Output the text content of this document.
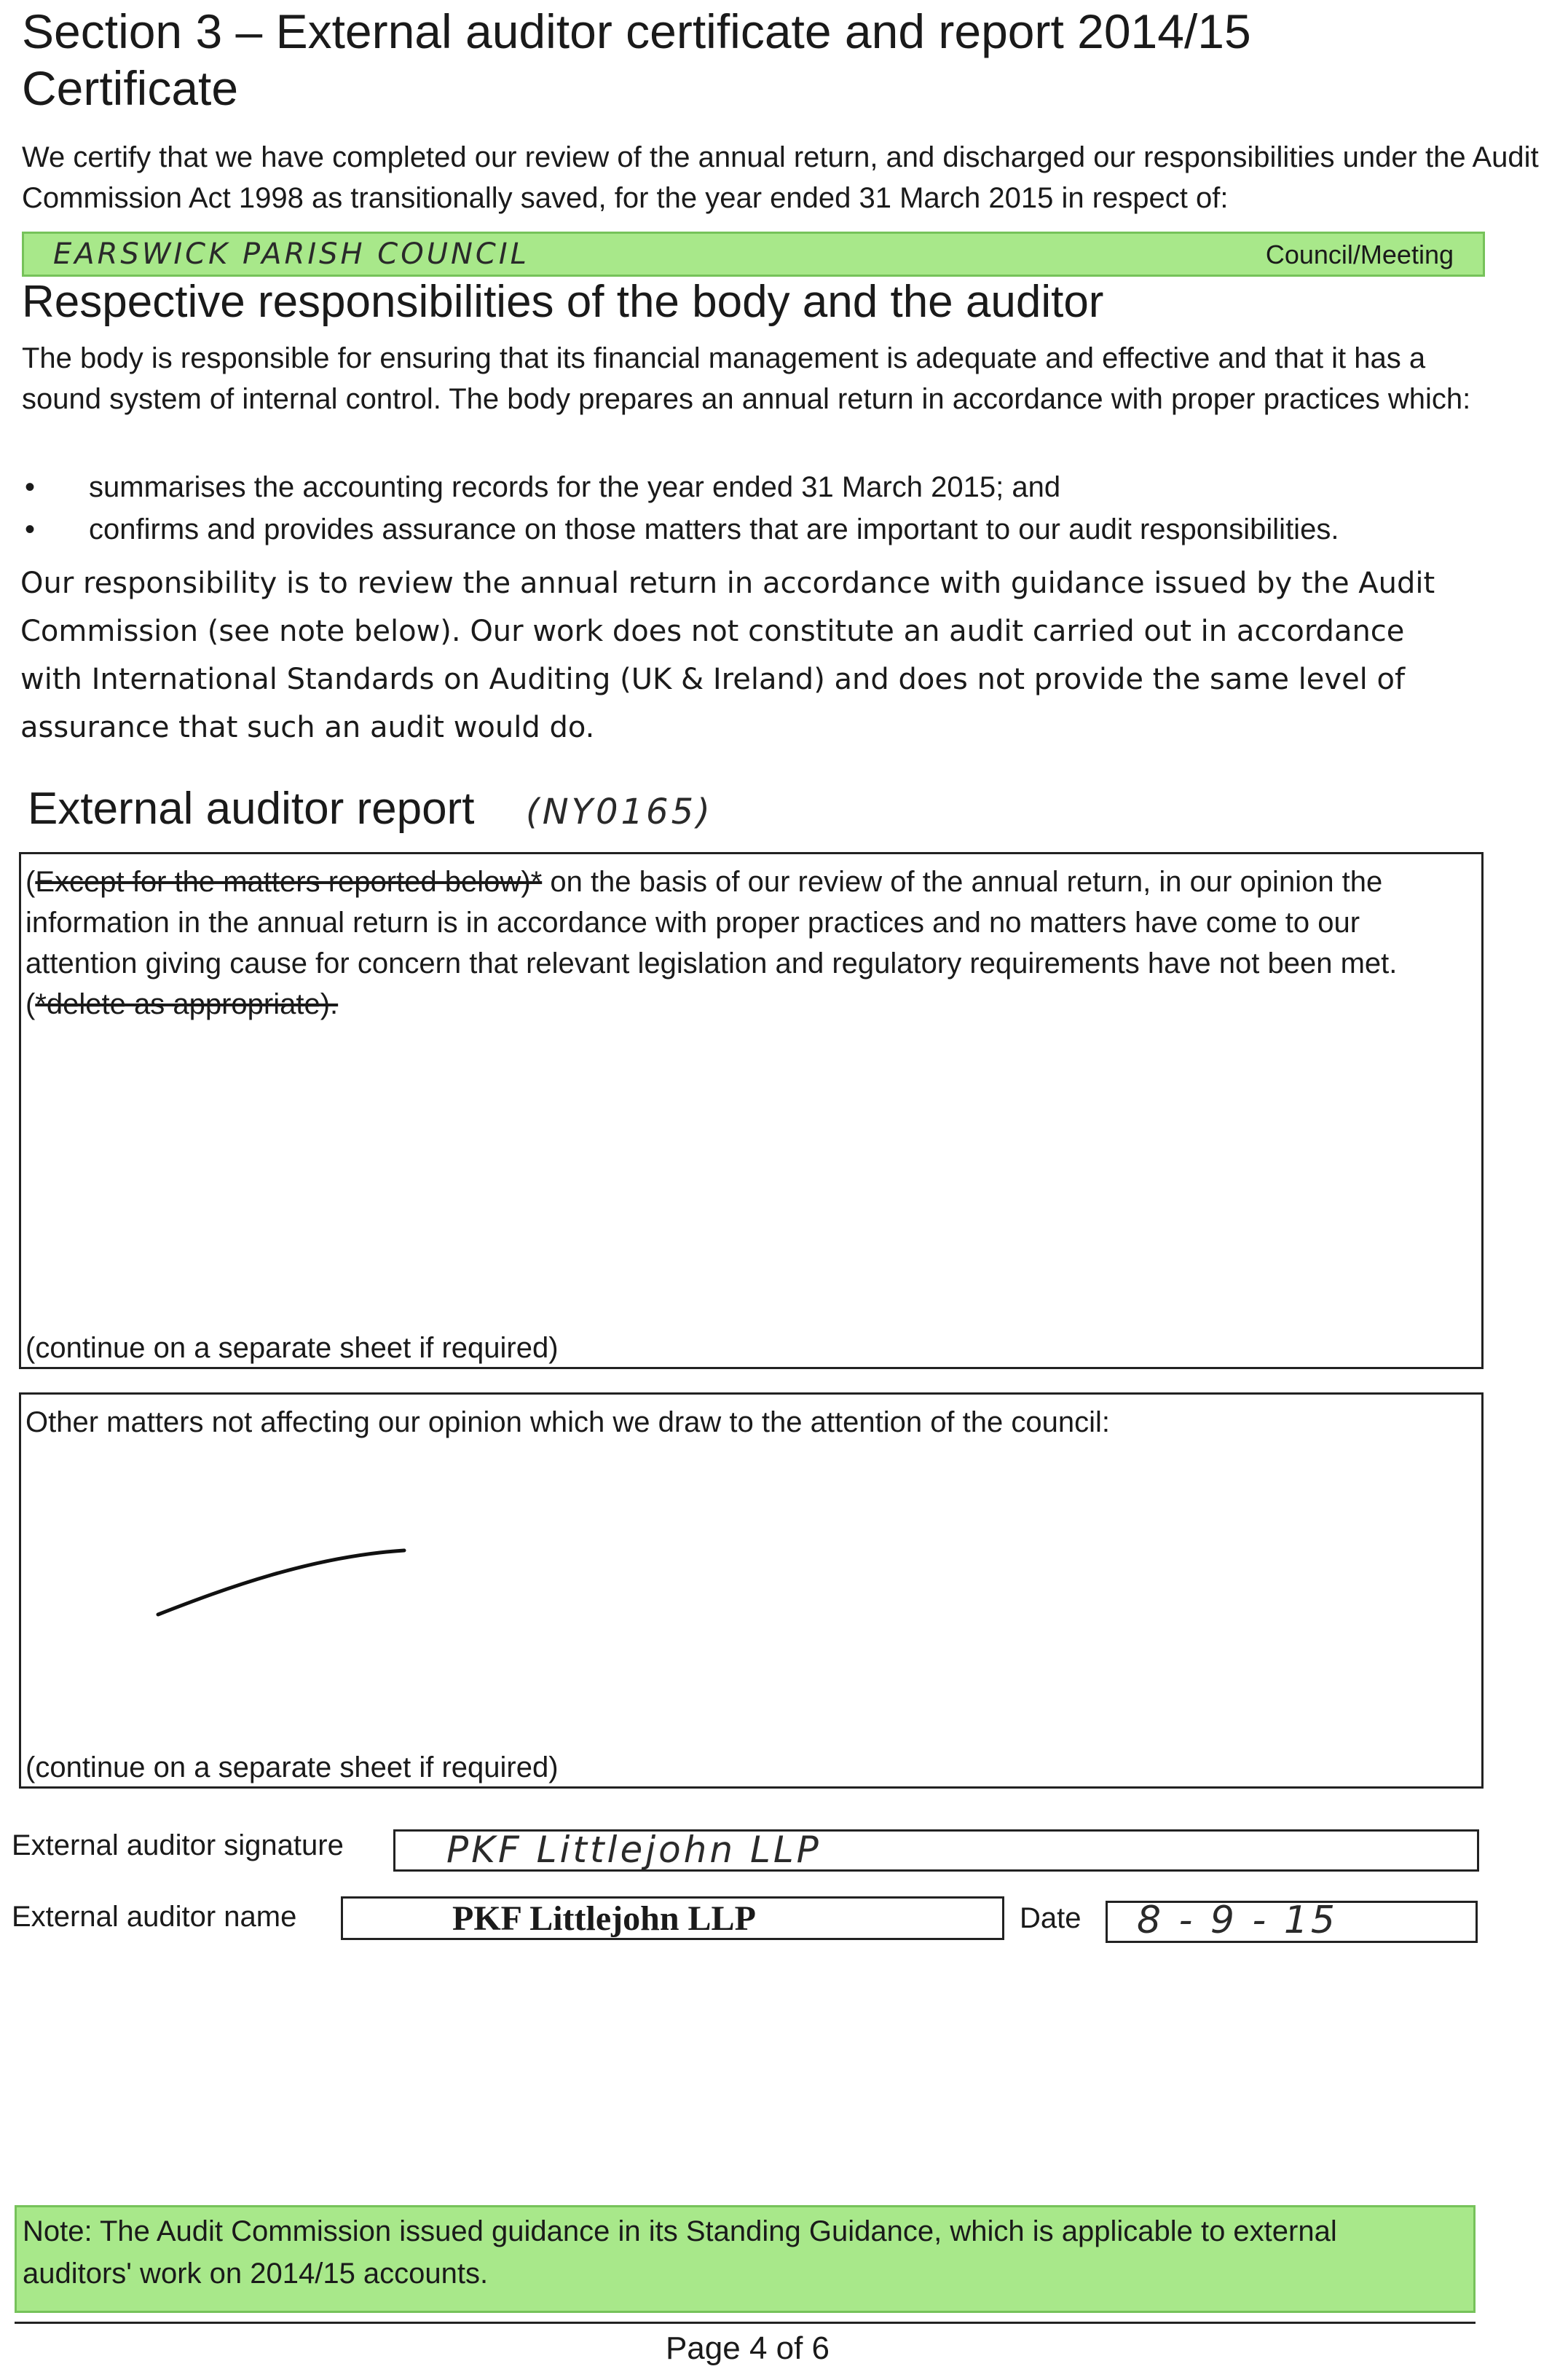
Section 3 – External auditor certificate and report 2014/15
Certificate
We certify that we have completed our review of the annual return, and discharged our responsibilities under the Audit Commission Act 1998 as transitionally saved, for the year ended 31 March 2015 in respect of:
EARSWICK PARISH COUNCIL	Council/Meeting
Respective responsibilities of the body and the auditor
The body is responsible for ensuring that its financial management is adequate and effective and that it has a sound system of internal control. The body prepares an annual return in accordance with proper practices which:
• summarises the accounting records for the year ended 31 March 2015; and
• confirms and provides assurance on those matters that are important to our audit responsibilities.
Our responsibility is to review the annual return in accordance with guidance issued by the Audit Commission (see note below). Our work does not constitute an audit carried out in accordance with International Standards on Auditing (UK & Ireland) and does not provide the same level of assurance that such an audit would do.
External auditor report (NY0165)
(Except for the matters reported below)* on the basis of our review of the annual return, in our opinion the information in the annual return is in accordance with proper practices and no matters have come to our attention giving cause for concern that relevant legislation and regulatory requirements have not been met. (*delete as appropriate).
(continue on a separate sheet if required)
Other matters not affecting our opinion which we draw to the attention of the council:
(continue on a separate sheet if required)
External auditor signature	PKF Littlejohn LLP
External auditor name	PKF Littlejohn LLP	Date 8 - 9 - 15
Note: The Audit Commission issued guidance in its Standing Guidance, which is applicable to external auditors' work on 2014/15 accounts.
Page 4 of 6
